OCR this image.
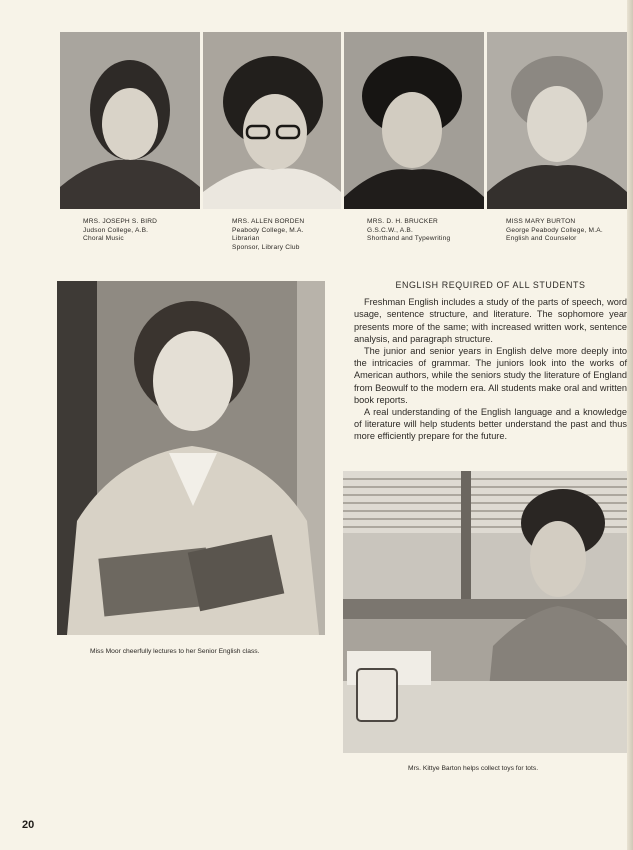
MRS. JOSEPH S. BIRD
Judson College, A.B.
Choral Music
MRS. ALLEN BORDEN
Peabody College, M.A.
Librarian
Sponsor, Library Club
MRS. D. H. BRUCKER
G.S.C.W., A.B.
Shorthand and Typewriting
MISS MARY BURTON
George Peabody College, M.A.
English and Counselor
Miss Moor cheerfully lectures to her Senior English class.
ENGLISH REQUIRED OF ALL STUDENTS

Freshman English includes a study of the parts of speech, word usage, sentence structure, and literature. The sophomore year presents more of the same; with increased written work, sentence analysis, and paragraph structure.

The junior and senior years in English delve more deeply into the intricacies of grammar. The juniors look into the works of American authors, while the seniors study the literature of England from Beowulf to the modern era. All students make oral and written book reports.

A real understanding of the English language and a knowledge of literature will help students better understand the past and thus more efficiently prepare for the future.

Mrs. Kittye Barton helps collect toys for tots.
20
